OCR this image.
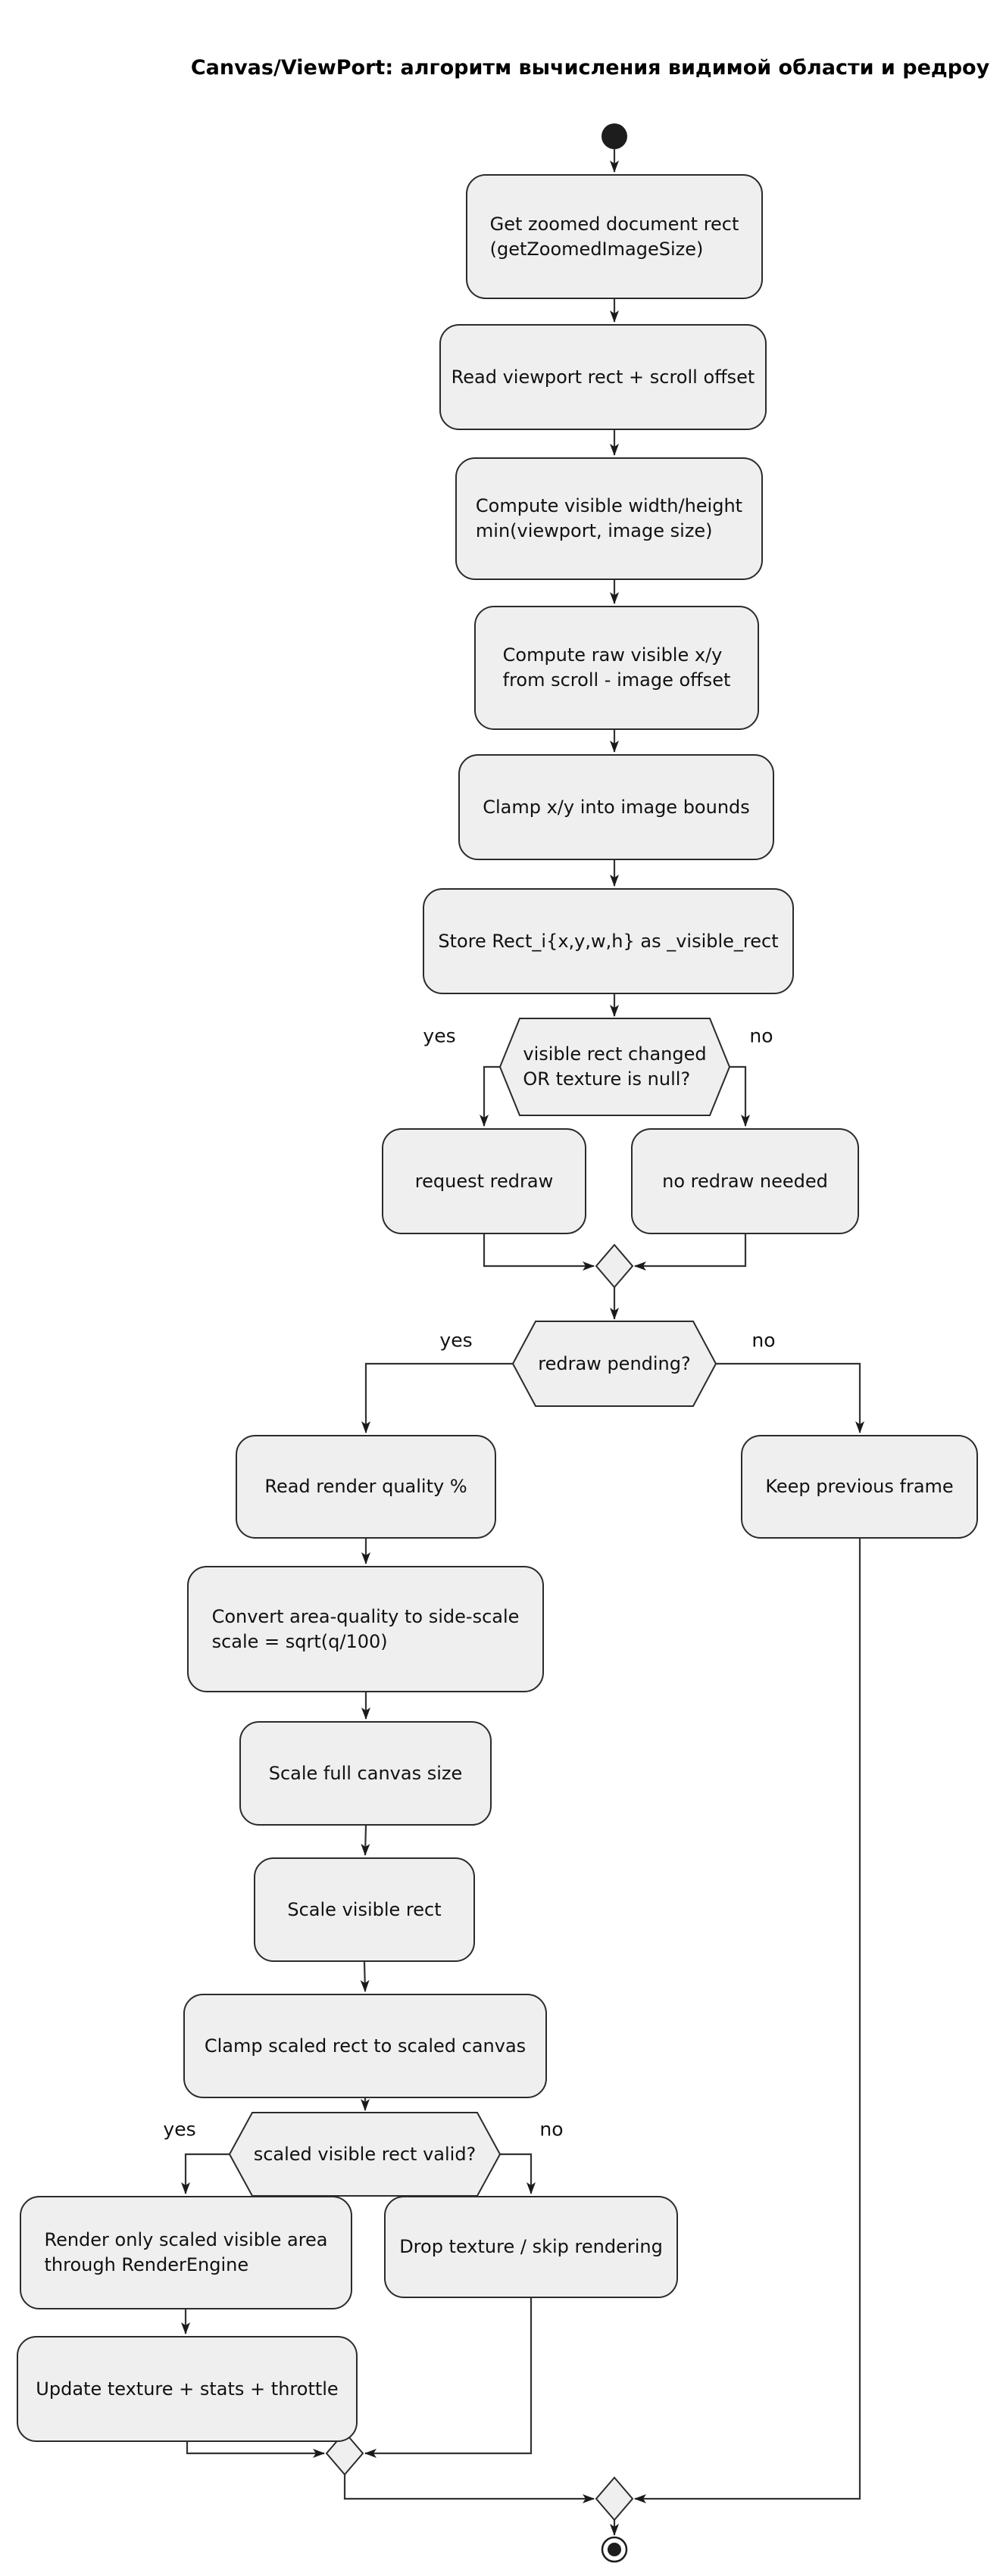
Canvas/ViewPort: алгоритм вычисления видимой области и редроу
Get zoomed document rect
(getZoomedImageSize)
Read viewport rect + scroll offset
Compute visible width/height
min(viewport, image size)
Compute raw visible x/y
from scroll - image offset
Clamp x/y into image bounds
Store Rect_i{x,y,w,h} as _visible_rect
visible rect changed
OR texture is null?
yes	no
request redraw	no redraw needed
redraw pending?
yes	no
Read render quality %	Keep previous frame
Convert area-quality to side-scale
scale = sqrt(q/100)
Scale full canvas size
Scale visible rect
Clamp scaled rect to scaled canvas
scaled visible rect valid?
yes	no
Render only scaled visible area
through RenderEngine
Drop texture / skip rendering
Update texture + stats + throttle
